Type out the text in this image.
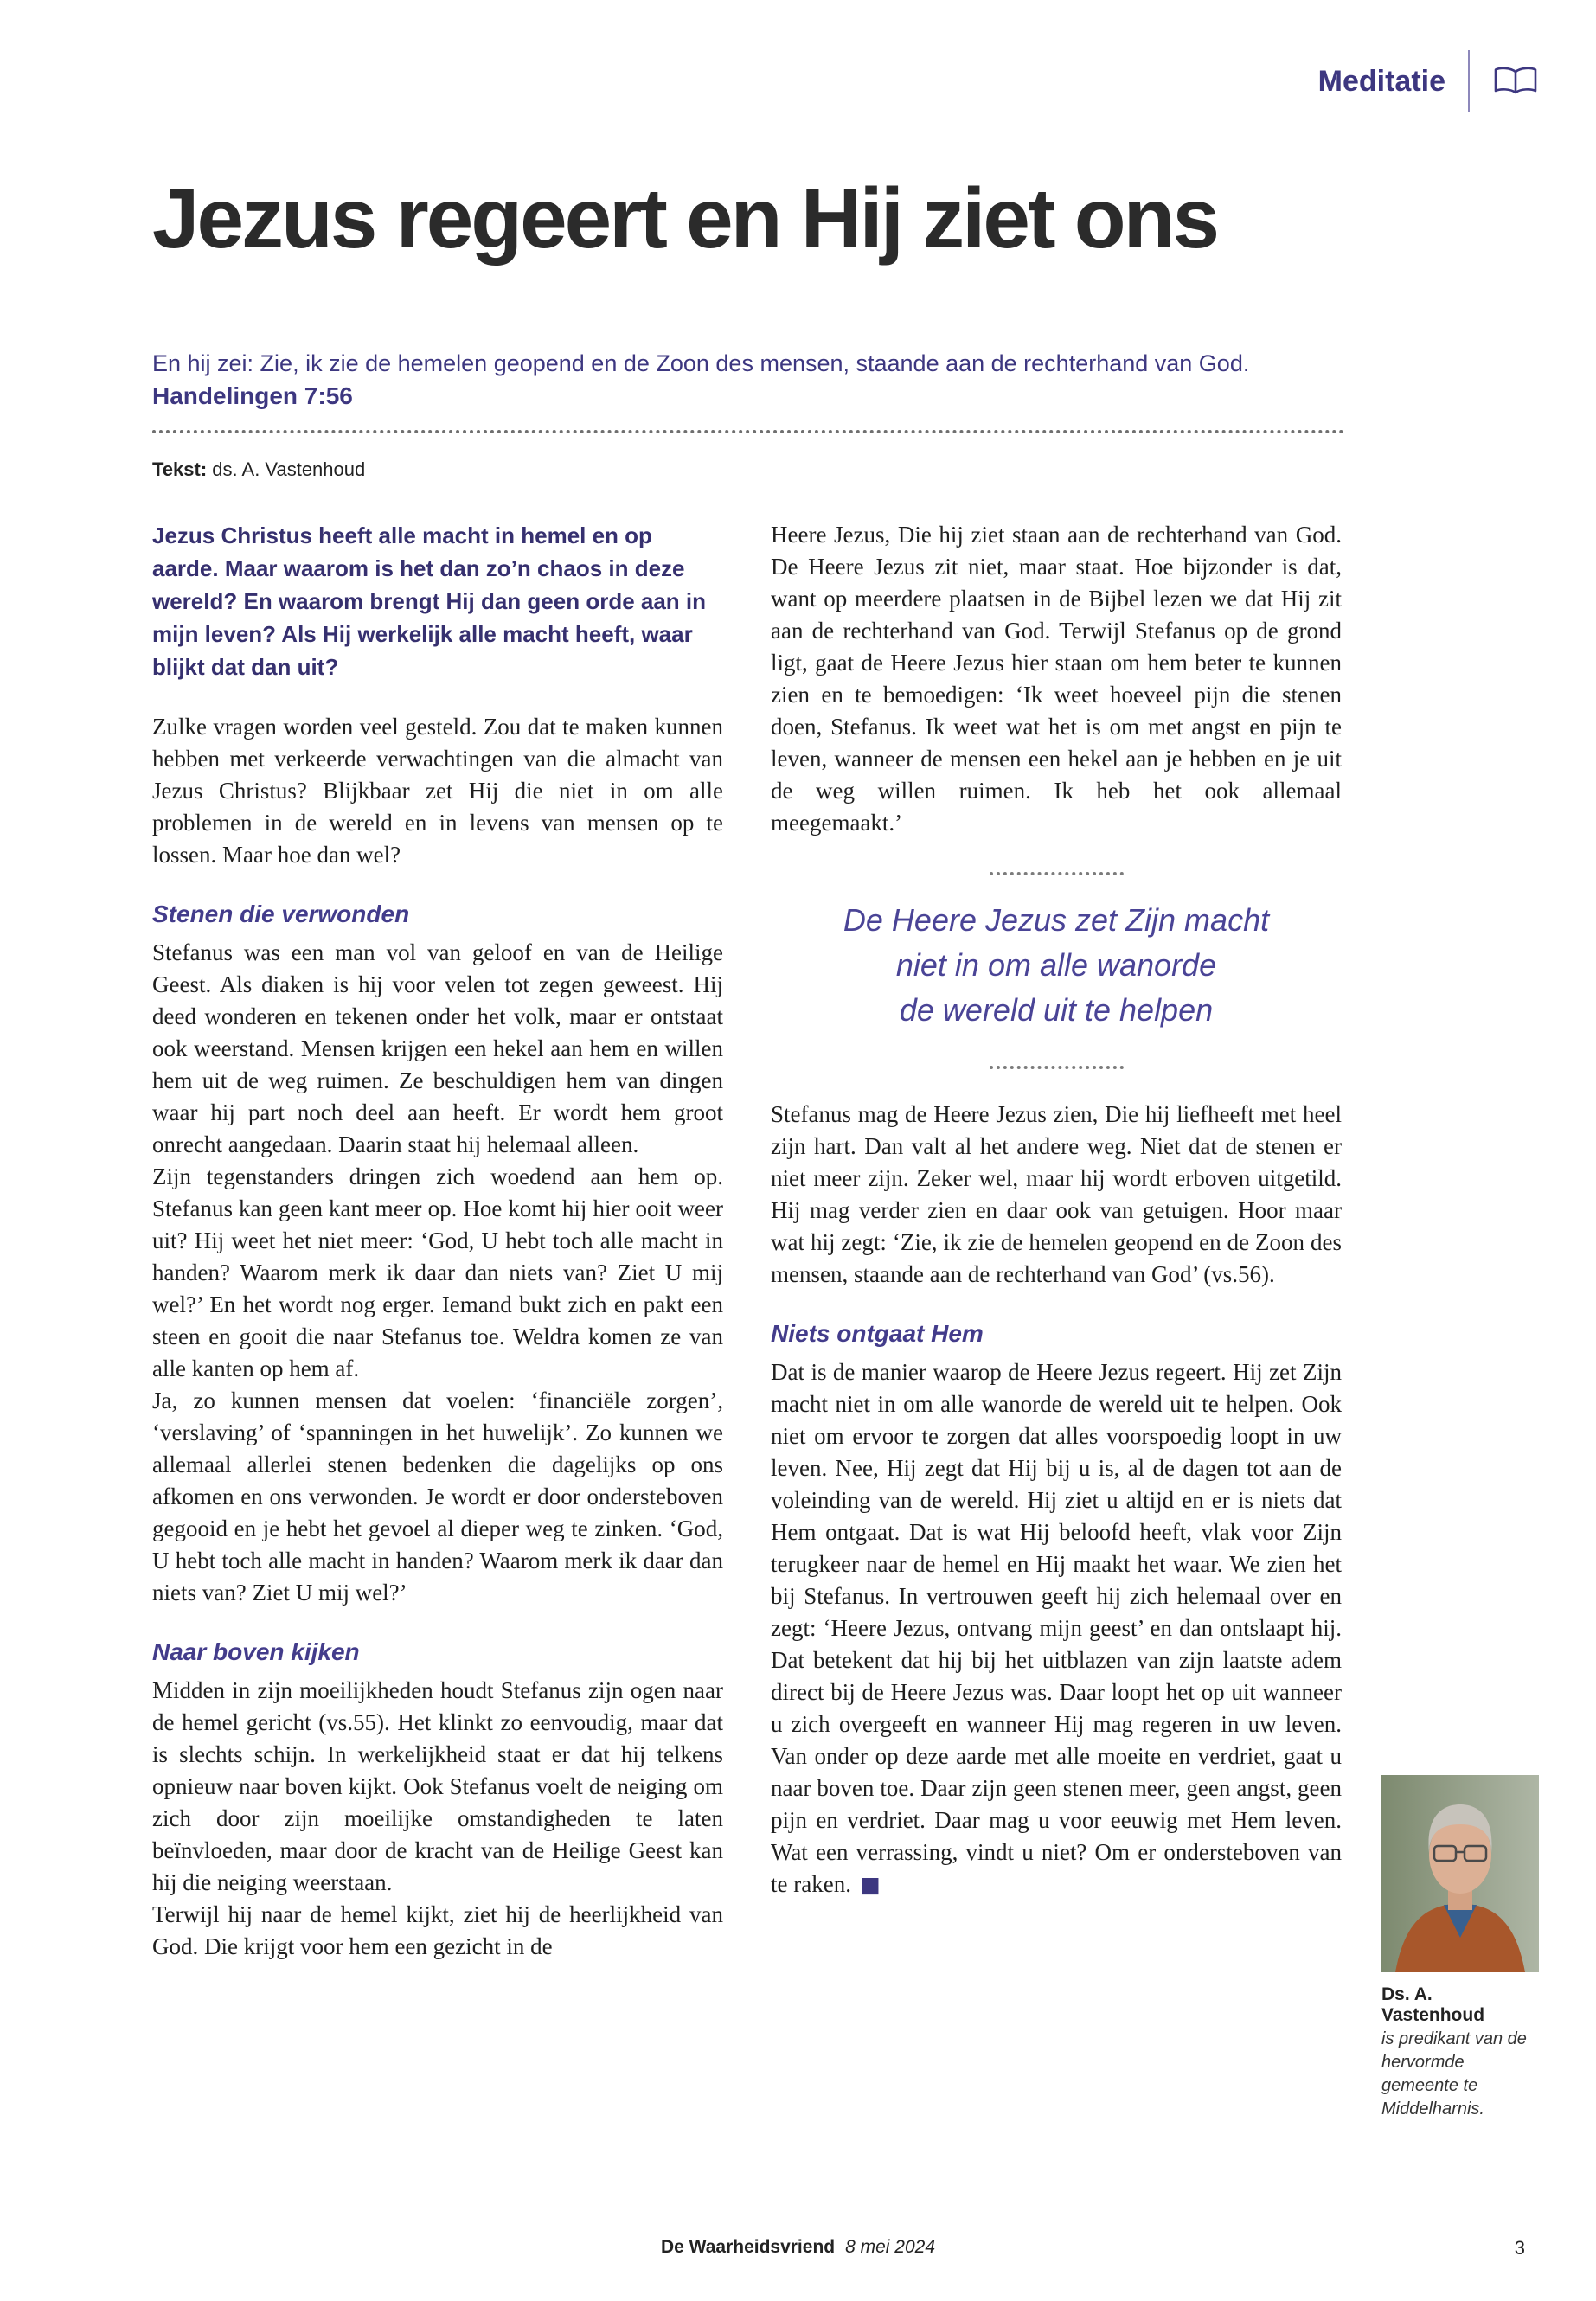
Meditatie
Jezus regeert en Hij ziet ons

En hij zei: Zie, ik zie de hemelen geopend en de Zoon des mensen, staande aan de rechterhand van God.

Handelingen 7:56

Tekst: ds. A. Vastenhoud

Jezus Christus heeft alle macht in hemel en op aarde. Maar waarom is het dan zo’n chaos in deze wereld? En waarom brengt Hij dan geen orde aan in mijn leven? Als Hij werkelijk alle macht heeft, waar blijkt dat dan uit?

Zulke vragen worden veel gesteld. Zou dat te maken kunnen hebben met verkeerde verwachtingen van die almacht van Jezus Christus? Blijkbaar zet Hij die niet in om alle problemen in de wereld en in levens van mensen op te lossen. Maar hoe dan wel?

Stenen die verwonden

Stefanus was een man vol van geloof en van de Heilige Geest. Als diaken is hij voor velen tot zegen geweest. Hij deed wonderen en tekenen onder het volk, maar er ontstaat ook weerstand. Mensen krijgen een hekel aan hem en willen hem uit de weg ruimen. Ze beschuldigen hem van dingen waar hij part noch deel aan heeft. Er wordt hem groot onrecht aangedaan. Daarin staat hij helemaal alleen.

Zijn tegenstanders dringen zich woedend aan hem op. Stefanus kan geen kant meer op. Hoe komt hij hier ooit weer uit? Hij weet het niet meer: ‘God, U hebt toch alle macht in handen? Waarom merk ik daar dan niets van? Ziet U mij wel?’ En het wordt nog erger. Iemand bukt zich en pakt een steen en gooit die naar Stefanus toe. Weldra komen ze van alle kanten op hem af.

Ja, zo kunnen mensen dat voelen: ‘financiële zorgen’, ‘verslaving’ of ‘spanningen in het huwelijk’. Zo kunnen we allemaal allerlei stenen bedenken die dagelijks op ons afkomen en ons verwonden. Je wordt er door ondersteboven gegooid en je hebt het gevoel al dieper weg te zinken. ‘God, U hebt toch alle macht in handen? Waarom merk ik daar dan niets van? Ziet U mij wel?’

Naar boven kijken

Midden in zijn moeilijkheden houdt Stefanus zijn ogen naar de hemel gericht (vs.55). Het klinkt zo eenvoudig, maar dat is slechts schijn. In werkelijkheid staat er dat hij telkens opnieuw naar boven kijkt. Ook Stefanus voelt de neiging om zich door zijn moeilijke omstandigheden te laten beïnvloeden, maar door de kracht van de Heilige Geest kan hij die neiging weerstaan.

Terwijl hij naar de hemel kijkt, ziet hij de heerlijkheid van God. Die krijgt voor hem een gezicht in de

Heere Jezus, Die hij ziet staan aan de rechterhand van God. De Heere Jezus zit niet, maar staat. Hoe bijzonder is dat, want op meerdere plaatsen in de Bijbel lezen we dat Hij zit aan de rechterhand van God. Terwijl Stefanus op de grond ligt, gaat de Heere Jezus hier staan om hem beter te kunnen zien en te bemoedigen: ‘Ik weet hoeveel pijn die stenen doen, Stefanus. Ik weet wat het is om met angst en pijn te leven, wanneer de mensen een hekel aan je hebben en je uit de weg willen ruimen. Ik heb het ook allemaal meegemaakt.’

De Heere Jezus zet Zijn macht
niet in om alle wanorde
de wereld uit te helpen

Stefanus mag de Heere Jezus zien, Die hij liefheeft met heel zijn hart. Dan valt al het andere weg. Niet dat de stenen er niet meer zijn. Zeker wel, maar hij wordt erboven uitgetild. Hij mag verder zien en daar ook van getuigen. Hoor maar wat hij zegt: ‘Zie, ik zie de hemelen geopend en de Zoon des mensen, staande aan de rechterhand van God’ (vs.56).

Niets ontgaat Hem

Dat is de manier waarop de Heere Jezus regeert. Hij zet Zijn macht niet in om alle wanorde de wereld uit te helpen. Ook niet om ervoor te zorgen dat alles voorspoedig loopt in uw leven. Nee, Hij zegt dat Hij bij u is, al de dagen tot aan de voleinding van de wereld. Hij ziet u altijd en er is niets dat Hem ontgaat. Dat is wat Hij beloofd heeft, vlak voor Zijn terugkeer naar de hemel en Hij maakt het waar. We zien het bij Stefanus. In vertrouwen geeft hij zich helemaal over en zegt: ‘Heere Jezus, ontvang mijn geest’ en dan ontslaapt hij. Dat betekent dat hij bij het uitblazen van zijn laatste adem direct bij de Heere Jezus was. Daar loopt het op uit wanneer u zich overgeeft en wanneer Hij mag regeren in uw leven. Van onder op deze aarde met alle moeite en verdriet, gaat u naar boven toe. Daar zijn geen stenen meer, geen angst, geen pijn en verdriet. Daar mag u voor eeuwig met Hem leven. Wat een verrassing, vindt u niet? Om er ondersteboven van te raken. ■

Ds. A. Vastenhoud

is predikant van de hervormde gemeente te Middelharnis.

De Waarheidsvriend 8 mei 2024	3
